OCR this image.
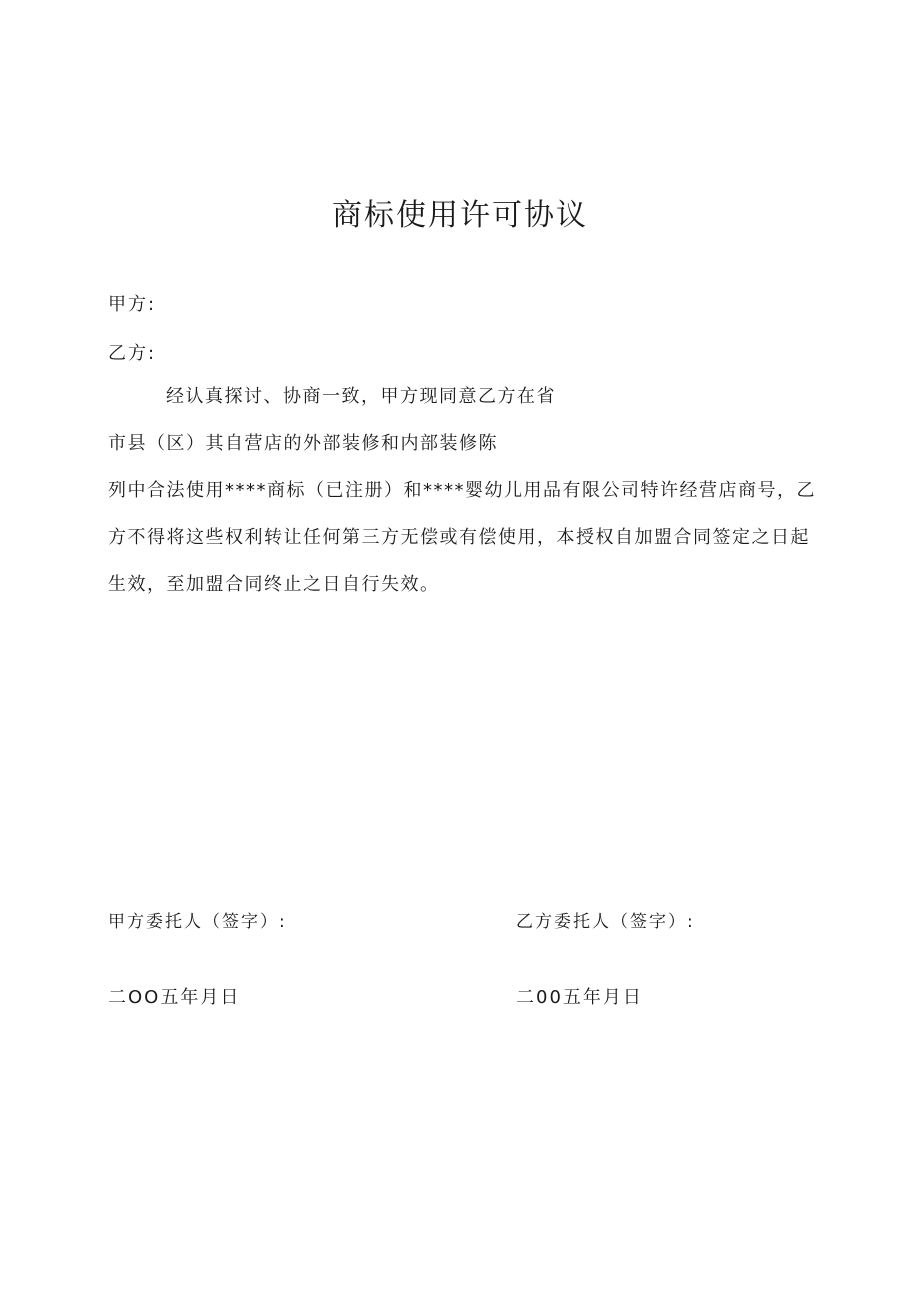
商标使用许可协议
甲方:
乙方:
经认真探讨、协商一致，甲方现同意乙方在省
市县（区）其自营店的外部装修和内部装修陈
列中合法使用****商标（已注册）和****婴幼儿用品有限公司特许经营店商号，乙
方不得将这些权利转让任何第三方无偿或有偿使用，本授权自加盟合同签定之日起
生效，至加盟合同终止之日自行失效。
甲方委托人（签字）:	乙方委托人（签字）:
二OO五年月日	二00五年月日
